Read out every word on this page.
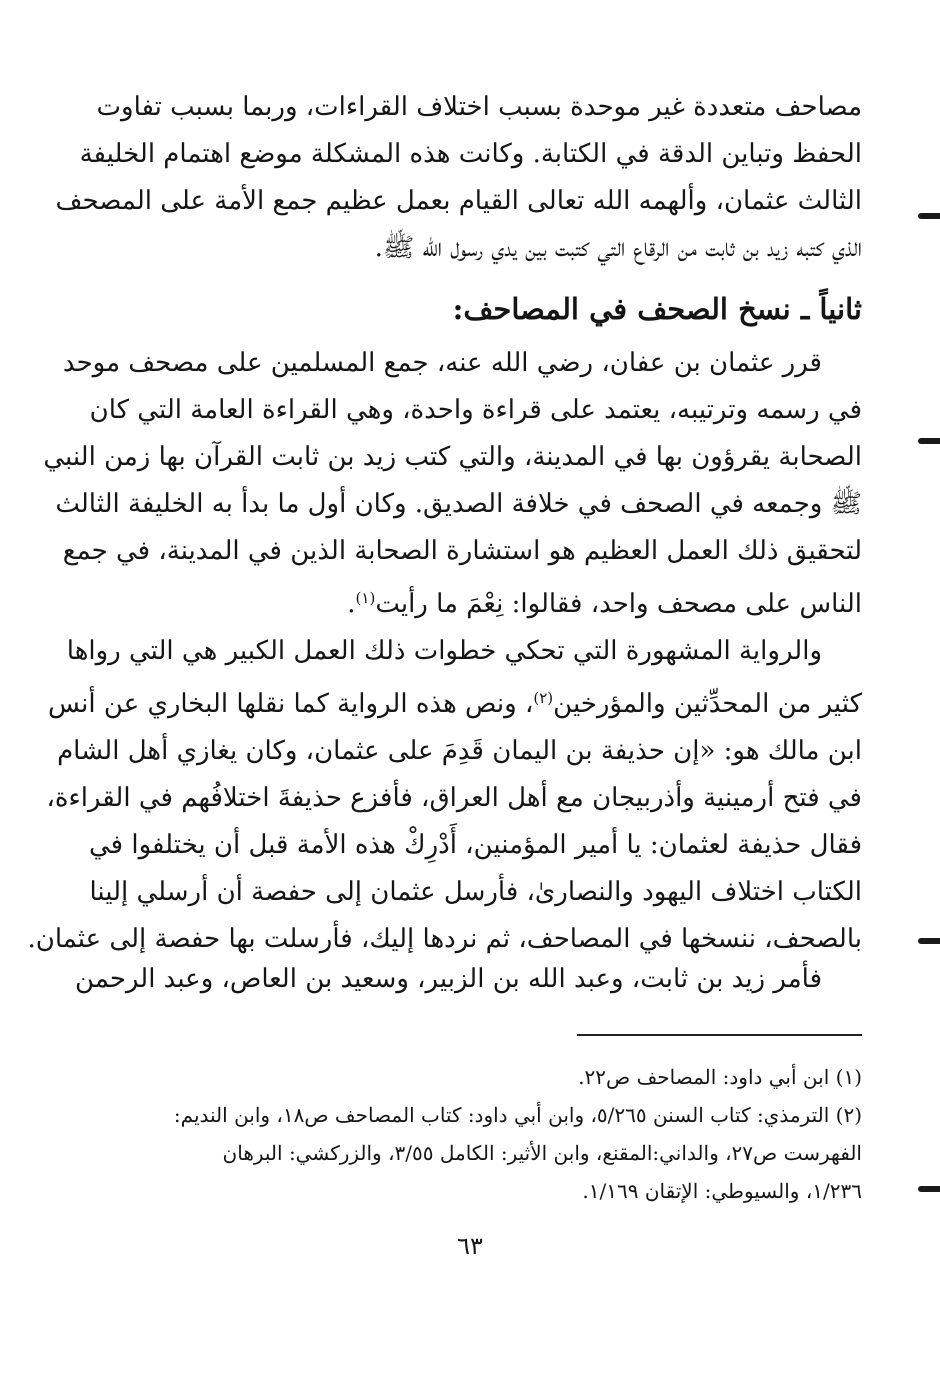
مصاحف متعددة غير موحدة بسبب اختلاف القراءات، وربما بسبب تفاوت
الحفظ وتباين الدقة في الكتابة. وكانت هذه المشكلة موضع اهتمام الخليفة
الثالث عثمان، وألهمه الله تعالى القيام بعمل عظيم جمع الأمة على المصحف
الذي كتبه زيد بن ثابت من الرقاع التي كتبت بين يدي رسول الله ﷺ.
ثانياً ـ نسخ الصحف في المصاحف:
قرر عثمان بن عفان، رضي الله عنه، جمع المسلمين على مصحف موحد
في رسمه وترتيبه، يعتمد على قراءة واحدة، وهي القراءة العامة التي كان
الصحابة يقرؤون بها في المدينة، والتي كتب زيد بن ثابت القرآن بها زمن النبي
ﷺ وجمعه في الصحف في خلافة الصديق. وكان أول ما بدأ به الخليفة الثالث
لتحقيق ذلك العمل العظيم هو استشارة الصحابة الذين في المدينة، في جمع
الناس على مصحف واحد، فقالوا: نِعْمَ ما رأيت$^{(١)}$.
والرواية المشهورة التي تحكي خطوات ذلك العمل الكبير هي التي رواها
كثير من المحدِّثين والمؤرخين$^{(٢)}$، ونص هذه الرواية كما نقلها البخاري عن أنس
ابن مالك هو: «إن حذيفة بن اليمان قَدِمَ على عثمان، وكان يغازي أهل الشام
في فتح أرمينية وأذربيجان مع أهل العراق، فأفزع حذيفةَ اختلافُهم في القراءة،
فقال حذيفة لعثمان: يا أمير المؤمنين، أَدْرِكْ هذه الأمة قبل أن يختلفوا في
الكتاب اختلاف اليهود والنصارىٰ، فأرسل عثمان إلى حفصة أن أرسلي إلينا
بالصحف، ننسخها في المصاحف، ثم نردها إليك، فأرسلت بها حفصة إلى عثمان.
فأمر زيد بن ثابت، وعبد الله بن الزبير، وسعيد بن العاص، وعبد الرحمن
(١) ابن أبي داود: المصاحف ص٢٢.
(٢) الترمذي: كتاب السنن ٥/٢٦٥، وابن أبي داود: كتاب المصاحف ص١٨، وابن النديم:
الفهرست ص٢٧، والداني:المقنع، وابن الأثير: الكامل ٣/٥٥، والزركشي: البرهان
١/٢٣٦، والسيوطي: الإتقان ١/١٦٩.
٦٣
